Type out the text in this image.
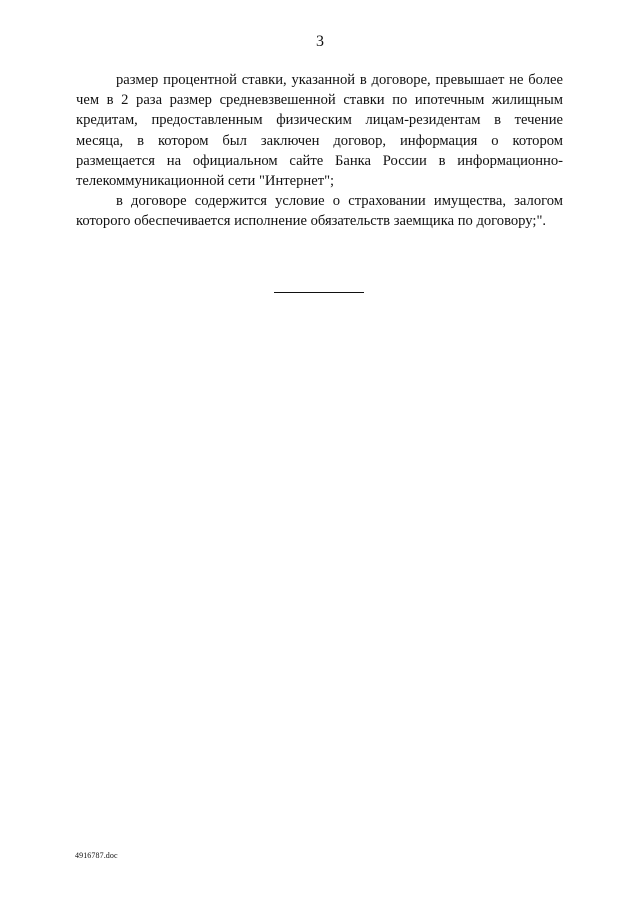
3

размер процентной ставки, указанной в договоре, превышает не более чем в 2 раза размер средневзвешенной ставки по ипотечным жилищным кредитам, предоставленным физическим лицам-резидентам в течение месяца, в котором был заключен договор, информация о котором размещается на официальном сайте Банка России в информационно-телекоммуникационной сети "Интернет";

в договоре содержится условие о страховании имущества, залогом которого обеспечивается исполнение обязательств заемщика по договору;".

4916787.doc
